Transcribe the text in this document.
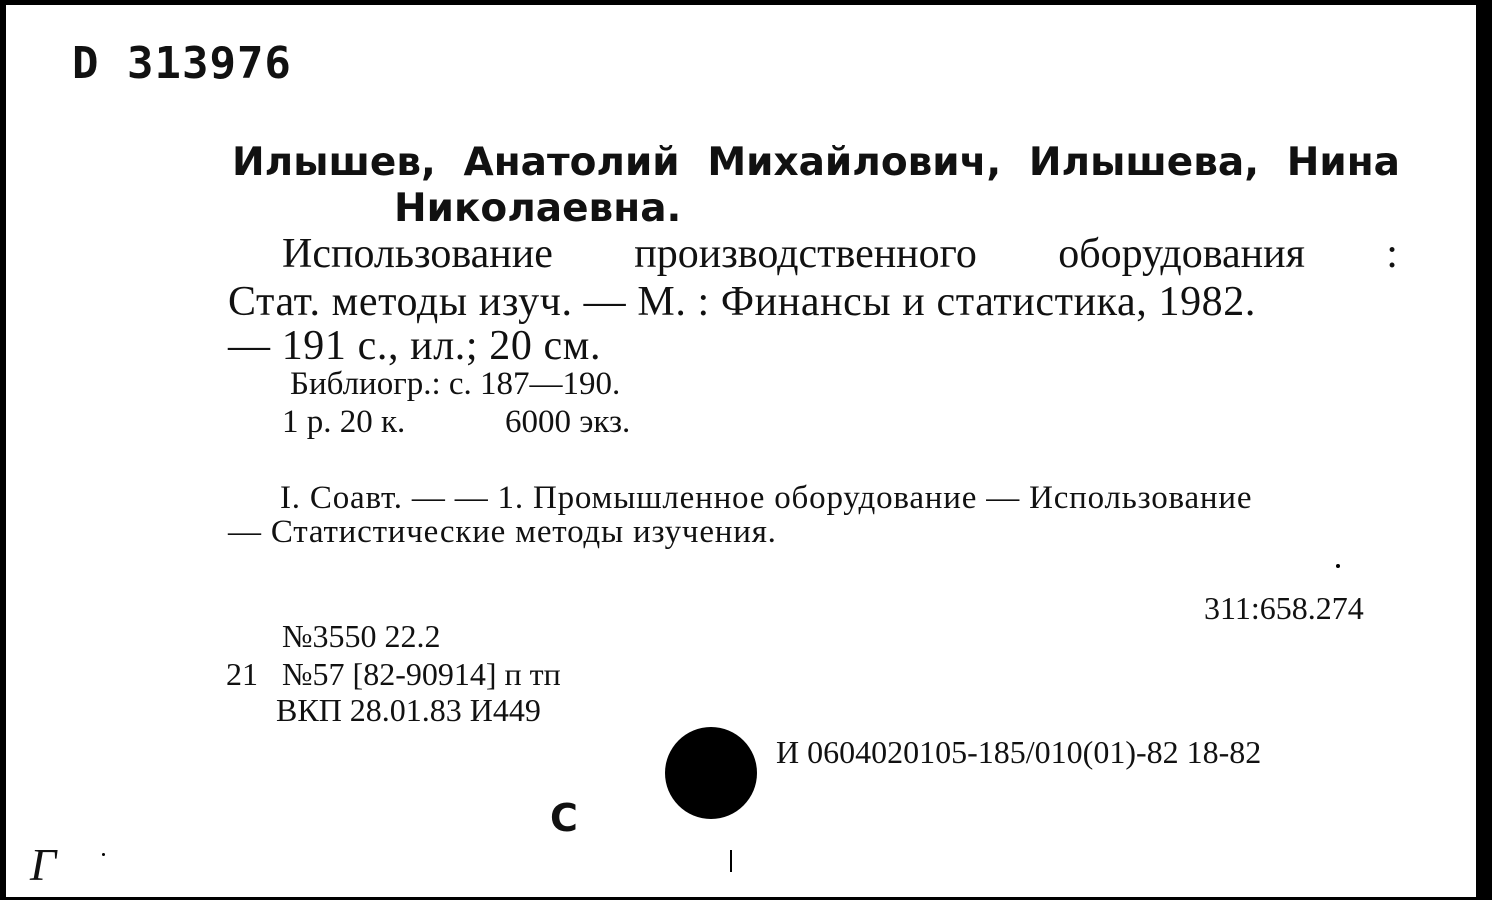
D 313976
Илышев, Анатолий Михайлович, Илышева, Нина
Николаевна.
Использование производственного оборудования :
Стат. методы изуч. — М. : Финансы и статистика, 1982.
— 191 с., ил.; 20 см.
Библиогр.: с. 187—190.
1 р. 20 к.	6000 экз.
I. Соавт. — — 1. Промышленное оборудование — Использование
— Статистические методы изучения.
311:658.274
№3550 22.2
21 №57 [82-90914] п тп
ВКП 28.01.83 И449
И 0604020105-185/010(01)-82 18-82
С
Г
